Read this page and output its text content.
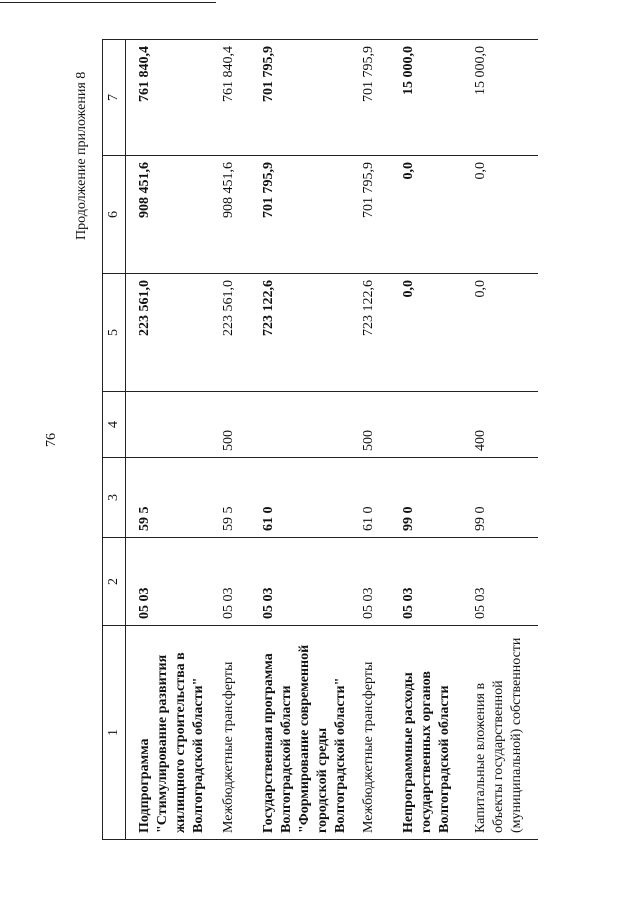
76
Продолжение приложения 8
1	2	3	4	5	6	7
Подпрограмма "Стимулирование развития жилищного строительства в Волгоградской области"	05 03	59 5		223 561,0	908 451,6	761 840,4
Межбюджетные трансферты	05 03	59 5	500	223 561,0	908 451,6	761 840,4
Государственная программа Волгоградской области "Формирование современной городской среды Волгоградской области"	05 03	61 0		723 122,6	701 795,9	701 795,9
Межбюджетные трансферты	05 03	61 0	500	723 122,6	701 795,9	701 795,9
Непрограммные расходы государственных органов Волгоградской области	05 03	99 0		0,0	0,0	15 000,0
Капитальные вложения в объекты государственной (муниципальной) собственности	05 03	99 0	400	0,0	0,0	15 000,0
